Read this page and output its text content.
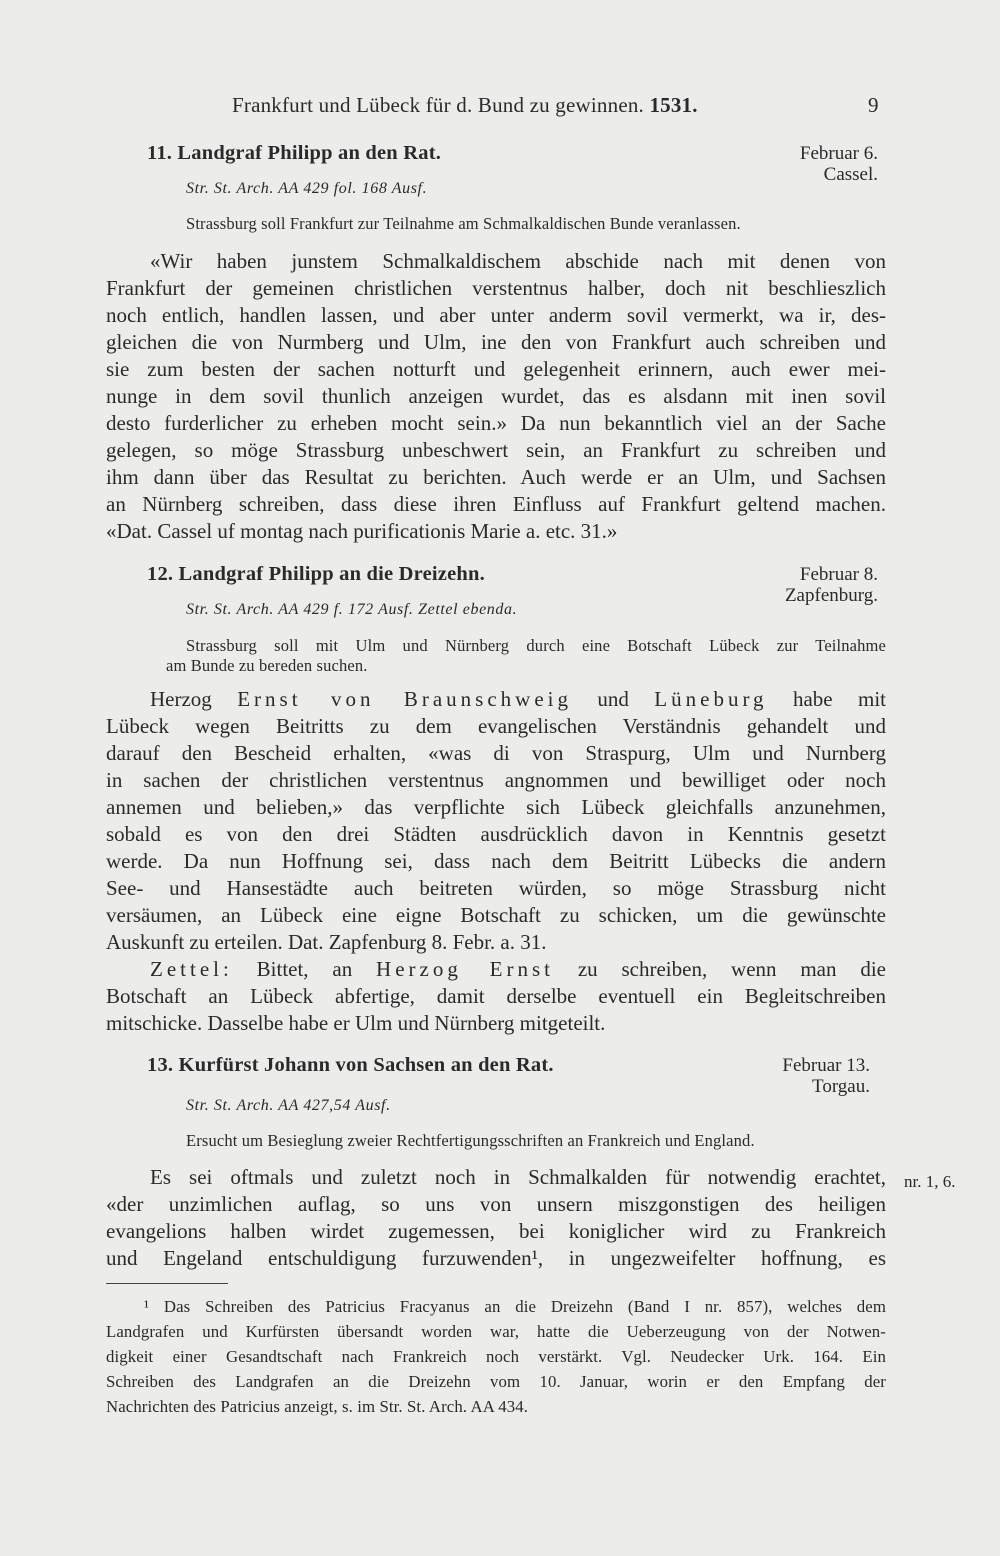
Frankfurt und Lübeck für d. Bund zu gewinnen. 1531.	9
11. Landgraf Philipp an den Rat.	Februar 6.
Cassel.
Str. St. Arch. AA 429 fol. 168 Ausf.
Strassburg soll Frankfurt zur Teilnahme am Schmalkaldischen Bunde veranlassen.
«Wir haben junstem Schmalkaldischem abschide nach mit denen von
Frankfurt der gemeinen christlichen verstentnus halber, doch nit beschlieszlich
noch entlich, handlen lassen, und aber unter anderm sovil vermerkt, wa ir, des-
gleichen die von Nurmberg und Ulm, ine den von Frankfurt auch schreiben und
sie zum besten der sachen notturft und gelegenheit erinnern, auch ewer mei-
nunge in dem sovil thunlich anzeigen wurdet, das es alsdann mit inen sovil
desto furderlicher zu erheben mocht sein.» Da nun bekanntlich viel an der Sache
gelegen, so möge Strassburg unbeschwert sein, an Frankfurt zu schreiben und
ihm dann über das Resultat zu berichten. Auch werde er an Ulm, und Sachsen
an Nürnberg schreiben, dass diese ihren Einfluss auf Frankfurt geltend machen.
«Dat. Cassel uf montag nach purificationis Marie a. etc. 31.»
12. Landgraf Philipp an die Dreizehn.	Februar 8.
Zapfenburg.
Str. St. Arch. AA 429 f. 172 Ausf. Zettel ebenda.
Strassburg soll mit Ulm und Nürnberg durch eine Botschaft Lübeck zur Teilnahme
am Bunde zu bereden suchen.
Herzog Ernst von Braunschweig und Lüneburg habe mit
Lübeck wegen Beitritts zu dem evangelischen Verständnis gehandelt und
darauf den Bescheid erhalten, «was di von Straspurg, Ulm und Nurnberg
in sachen der christlichen verstentnus angnommen und bewilliget oder noch
annemen und belieben,» das verpflichte sich Lübeck gleichfalls anzunehmen,
sobald es von den drei Städten ausdrücklich davon in Kenntnis gesetzt
werde. Da nun Hoffnung sei, dass nach dem Beitritt Lübecks die andern
See- und Hansestädte auch beitreten würden, so möge Strassburg nicht
versäumen, an Lübeck eine eigne Botschaft zu schicken, um die gewünschte
Auskunft zu erteilen. Dat. Zapfenburg 8. Febr. a. 31.
Zettel: Bittet, an Herzog Ernst zu schreiben, wenn man die
Botschaft an Lübeck abfertige, damit derselbe eventuell ein Begleitschreiben
mitschicke. Dasselbe habe er Ulm und Nürnberg mitgeteilt.
13. Kurfürst Johann von Sachsen an den Rat.	Februar 13.
Torgau.
Str. St. Arch. AA 427,54 Ausf.
Ersucht um Besieglung zweier Rechtfertigungsschriften an Frankreich und England.
Es sei oftmals und zuletzt noch in Schmalkalden für notwendig erachtet,
«der unzimlichen auflag, so uns von unsern miszgonstigen des heiligen
evangelions halben wirdet zugemessen, bei koniglicher wird zu Frankreich
und Engeland entschuldigung furzuwenden¹, in ungezweifelter hoffnung, es
nr. 1, 6.
¹ Das Schreiben des Patricius Fracyanus an die Dreizehn (Band I nr. 857), welches dem
Landgrafen und Kurfürsten übersandt worden war, hatte die Ueberzeugung von der Notwen-
digkeit einer Gesandtschaft nach Frankreich noch verstärkt. Vgl. Neudecker Urk. 164. Ein
Schreiben des Landgrafen an die Dreizehn vom 10. Januar, worin er den Empfang der
Nachrichten des Patricius anzeigt, s. im Str. St. Arch. AA 434.
